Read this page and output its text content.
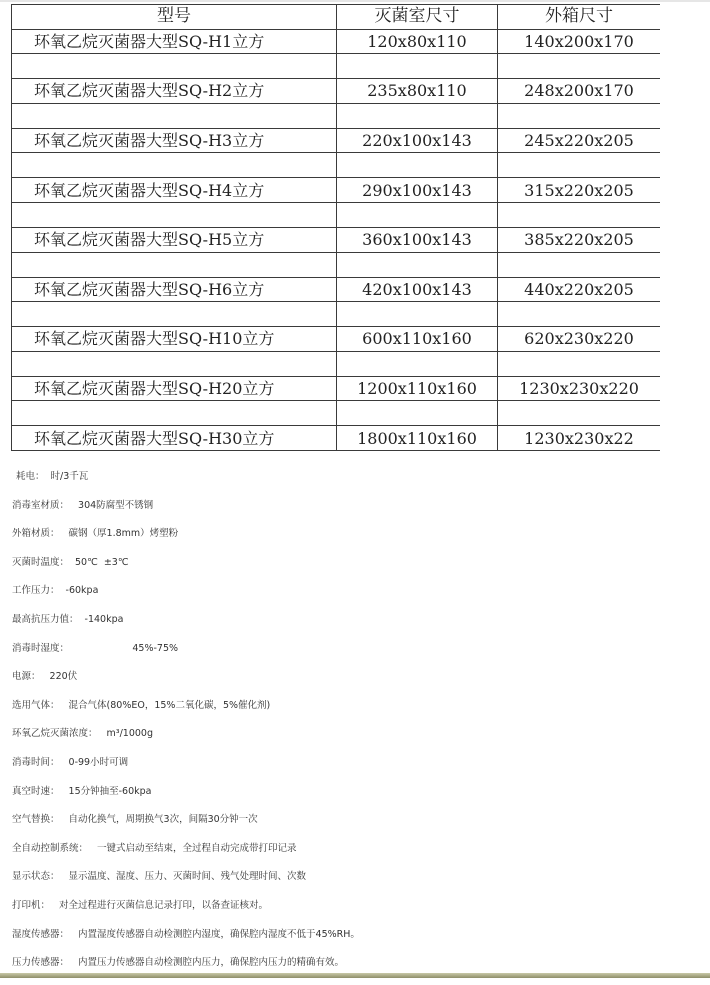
型号	灭菌室尺寸	外箱尺寸
环氧乙烷灭菌器大型SQ-H1立方	120x80x110	140x200x170

环氧乙烷灭菌器大型SQ-H2立方	235x80x110	248x200x170

环氧乙烷灭菌器大型SQ-H3立方	220x100x143	245x220x205

环氧乙烷灭菌器大型SQ-H4立方	290x100x143	315x220x205

环氧乙烷灭菌器大型SQ-H5立方	360x100x143	385x220x205

环氧乙烷灭菌器大型SQ-H6立方	420x100x143	440x220x205

环氧乙烷灭菌器大型SQ-H10立方	600x110x160	620x230x220

环氧乙烷灭菌器大型SQ-H20立方	1200x110x160	1230x230x220

环氧乙烷灭菌器大型SQ-H30立方	1800x110x160	1230x230x22
耗电： 时/3千瓦
消毒室材质： 304防腐型不锈钢
外箱材质： 碳钢（厚1.8mm）烤塑粉
灭菌时温度： 50℃  ±3℃
工作压力： -60kpa
最高抗压力值： -140kpa
消毒时湿度：                   45%-75%
电源： 220伏
选用气体： 混合气体(80%EO，15%二氧化碳，5%催化剂)
环氧乙烷灭菌浓度： m³/1000g
消毒时间： 0-99小时可调
真空时速： 15分钟抽至-60kpa
空气替换： 自动化换气，周期换气3次，间隔30分钟一次
全自动控制系统： 一键式启动至结束，全过程自动完成带打印记录
显示状态： 显示温度、湿度、压力、灭菌时间、残气处理时间、次数
打印机： 对全过程进行灭菌信息记录打印，以备查证核对。
湿度传感器： 内置湿度传感器自动检测腔内湿度，确保腔内湿度不低于45%RH。
压力传感器： 内置压力传感器自动检测腔内压力，确保腔内压力的精确有效。
